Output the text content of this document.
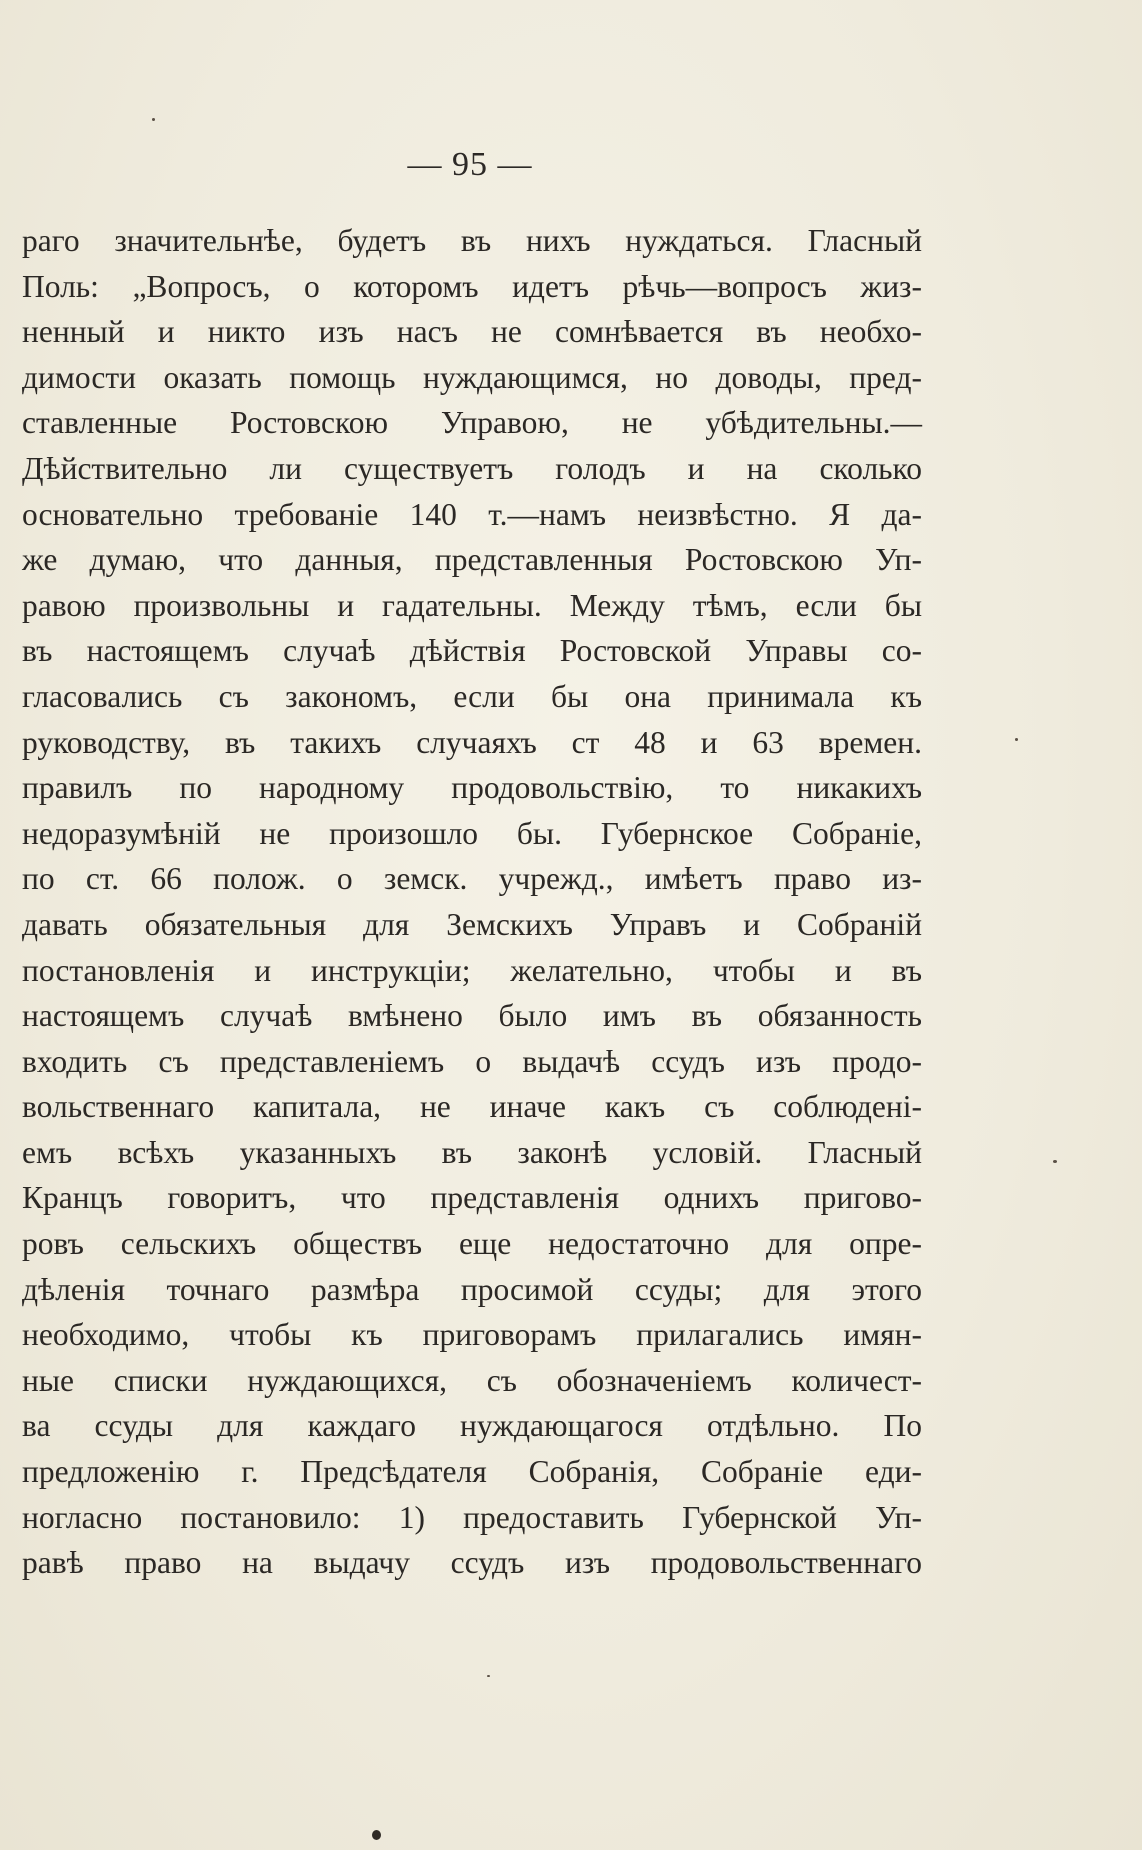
— 95 —
раго значительнѣе, будетъ въ нихъ нуждаться. Гласный
Поль: „Вопросъ, о которомъ идетъ рѣчь—вопросъ жиз-
ненный и никто изъ насъ не сомнѣвается въ необхо-
димости оказать помощь нуждающимся, но доводы, пред-
ставленные Ростовскою Управою, не убѣдительны.—
Дѣйствительно ли существуетъ голодъ и на сколько
основательно требованіе 140 т.—намъ неизвѣстно. Я да-
же думаю, что данныя, представленныя Ростовскою Уп-
равою произвольны и гадательны. Между тѣмъ, если бы
въ настоящемъ случаѣ дѣйствія Ростовской Управы со-
гласовались съ закономъ, если бы она принимала къ
руководству, въ такихъ случаяхъ ст 48 и 63 времен.
правилъ по народному продовольствію, то никакихъ
недоразумѣній не произошло бы. Губернское Собраніе,
по ст. 66 полож. о земск. учрежд., имѣетъ право из-
давать обязательныя для Земскихъ Управъ и Собраній
постановленія и инструкціи; желательно, чтобы и въ
настоящемъ случаѣ вмѣнено было имъ въ обязанность
входить съ представленіемъ о выдачѣ ссудъ изъ продо-
вольственнаго капитала, не иначе какъ съ соблюдені-
емъ всѣхъ указанныхъ въ законѣ условій. Гласный
Кранцъ говоритъ, что представленія однихъ пригово-
ровъ сельскихъ обществъ еще недостаточно для опре-
дѣленія точнаго размѣра просимой ссуды; для этого
необходимо, чтобы къ приговорамъ прилагались имян-
ные списки нуждающихся, съ обозначеніемъ количест-
ва ссуды для каждаго нуждающагося отдѣльно. По
предложенію г. Предсѣдателя Собранія, Собраніе еди-
ногласно постановило: 1) предоставить Губернской Уп-
равѣ право на выдачу ссудъ изъ продовольственнаго
